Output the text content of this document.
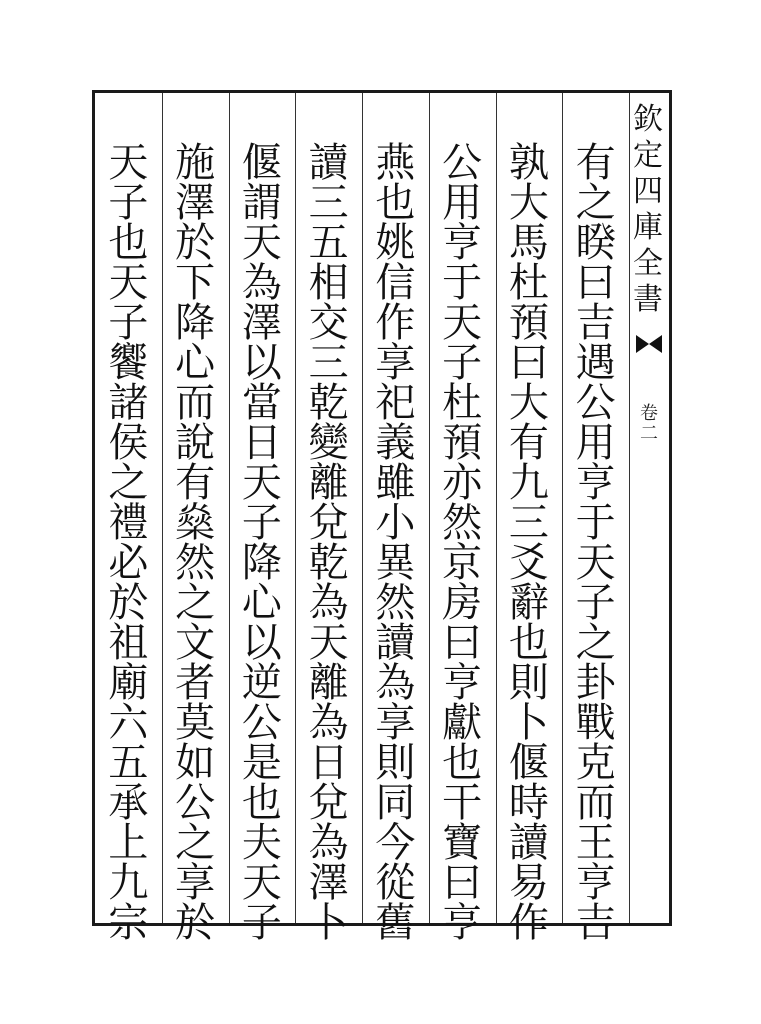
欽
定
四
庫
全
書
卷
二
有
之
睽
曰
吉
遇
公
用
亨
于
天
子
之
卦
戰
克
而
王
亨
吉
孰
大
馬
杜
預
曰
大
有
九
三
爻
辭
也
則
卜
偃
時
讀
易
作
公
用
亨
于
天
子
杜
預
亦
然
京
房
曰
亨
獻
也
干
寶
曰
亨
燕
也
姚
信
作
享
祀
義
雖
小
異
然
讀
為
享
則
同
今
從
舊
讀
三
五
相
交
三
乾
變
離
兌
乾
為
天
離
為
日
兌
為
澤
卜
偃
謂
天
為
澤
以
當
日
天
子
降
心
以
逆
公
是
也
夫
天
子
施
澤
於
下
降
心
而
說
有
燊
然
之
文
者
莫
如
公
之
享
於
天
子
也
天
子
饗
諸
侯
之
禮
必
於
祖
廟
六
五
承
上
九
宗
